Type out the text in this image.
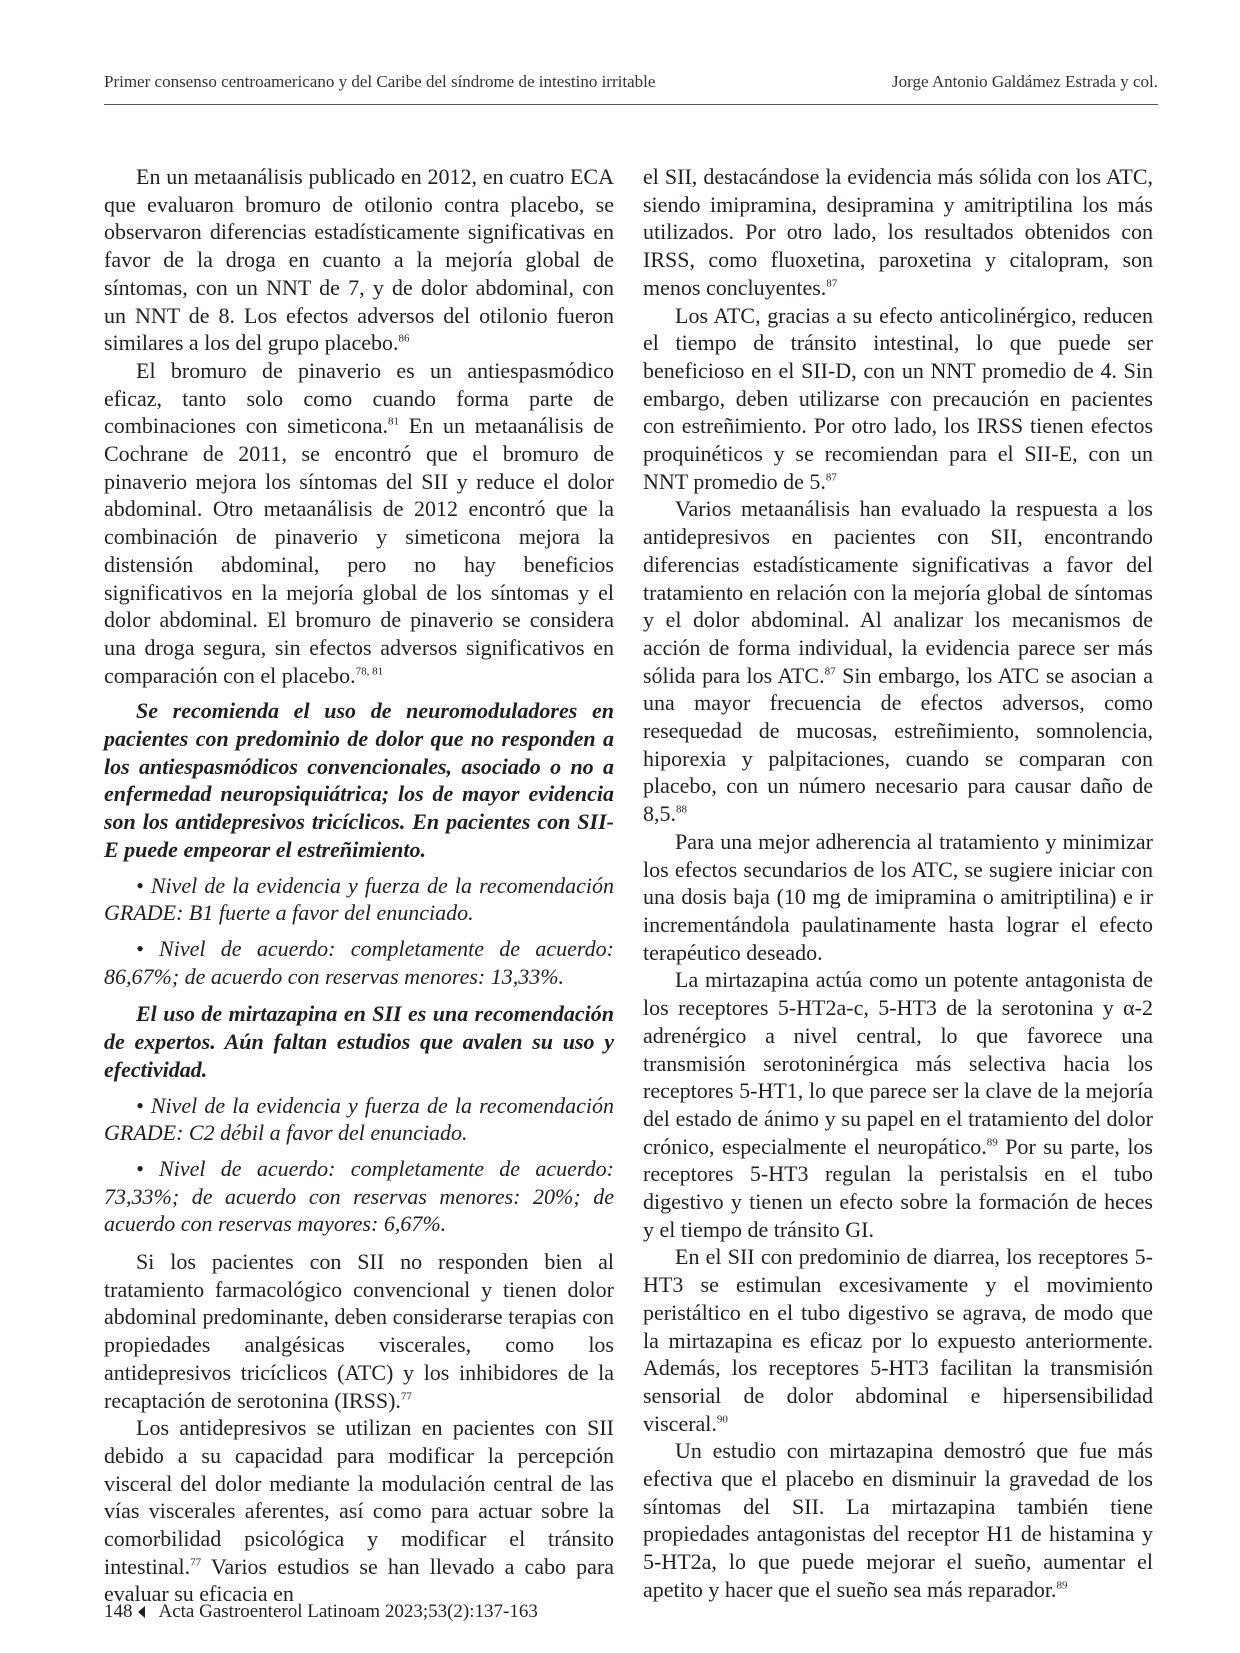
Primer consenso centroamericano y del Caribe del síndrome de intestino irritable	Jorge Antonio Galdámez Estrada y col.

En un metaanálisis publicado en 2012, en cuatro ECA que evaluaron bromuro de otilonio contra placebo, se observaron diferencias estadísticamente significativas en favor de la droga en cuanto a la mejoría global de síntomas, con un NNT de 7, y de dolor abdominal, con un NNT de 8. Los efectos adversos del otilonio fueron similares a los del grupo placebo.$^{86}$

El bromuro de pinaverio es un antiespasmódico eficaz, tanto solo como cuando forma parte de combinaciones con simeticona.$^{81}$ En un metaanálisis de Cochrane de 2011, se encontró que el bromuro de pinaverio mejora los síntomas del SII y reduce el dolor abdominal. Otro metaanálisis de 2012 encontró que la combinación de pinaverio y simeticona mejora la distensión abdominal, pero no hay beneficios significativos en la mejoría global de los síntomas y el dolor abdominal. El bromuro de pinaverio se considera una droga segura, sin efectos adversos significativos en comparación con el placebo.$^{78, 81}$

Se recomienda el uso de neuromoduladores en pacientes con predominio de dolor que no responden a los antiespasmódicos convencionales, asociado o no a enfermedad neuropsiquiátrica; los de mayor evidencia son los antidepresivos tricíclicos. En pacientes con SII-E puede empeorar el estreñimiento.

• Nivel de la evidencia y fuerza de la recomendación GRADE: B1 fuerte a favor del enunciado.

• Nivel de acuerdo: completamente de acuerdo: 86,67%; de acuerdo con reservas menores: 13,33%.

El uso de mirtazapina en SII es una recomendación de expertos. Aún faltan estudios que avalen su uso y efectividad.

• Nivel de la evidencia y fuerza de la recomendación GRADE: C2 débil a favor del enunciado.

• Nivel de acuerdo: completamente de acuerdo: 73,33%; de acuerdo con reservas menores: 20%; de acuerdo con reservas mayores: 6,67%.

Si los pacientes con SII no responden bien al tratamiento farmacológico convencional y tienen dolor abdominal predominante, deben considerarse terapias con propiedades analgésicas viscerales, como los antidepresivos tricíclicos (ATC) y los inhibidores de la recaptación de serotonina (IRSS).$^{77}$

Los antidepresivos se utilizan en pacientes con SII debido a su capacidad para modificar la percepción visceral del dolor mediante la modulación central de las vías viscerales aferentes, así como para actuar sobre la comorbilidad psicológica y modificar el tránsito intestinal.$^{77}$ Varios estudios se han llevado a cabo para evaluar su eficacia en

el SII, destacándose la evidencia más sólida con los ATC, siendo imipramina, desipramina y amitriptilina los más utilizados. Por otro lado, los resultados obtenidos con IRSS, como fluoxetina, paroxetina y citalopram, son menos concluyentes.$^{87}$

Los ATC, gracias a su efecto anticolinérgico, reducen el tiempo de tránsito intestinal, lo que puede ser beneficioso en el SII-D, con un NNT promedio de 4. Sin embargo, deben utilizarse con precaución en pacientes con estreñimiento. Por otro lado, los IRSS tienen efectos proquinéticos y se recomiendan para el SII-E, con un NNT promedio de 5.87

Varios metaanálisis han evaluado la respuesta a los antidepresivos en pacientes con SII, encontrando diferencias estadísticamente significativas a favor del tratamiento en relación con la mejoría global de síntomas y el dolor abdominal. Al analizar los mecanismos de acción de forma individual, la evidencia parece ser más sólida para los ATC.$^{87}$ Sin embargo, los ATC se asocian a una mayor frecuencia de efectos adversos, como resequedad de mucosas, estreñimiento, somnolencia, hiporexia y palpitaciones, cuando se comparan con placebo, con un número necesario para causar daño de 8,5.88

Para una mejor adherencia al tratamiento y minimizar los efectos secundarios de los ATC, se sugiere iniciar con una dosis baja (10 mg de imipramina o amitriptilina) e ir incrementándola paulatinamente hasta lograr el efecto terapéutico deseado.

La mirtazapina actúa como un potente antagonista de los receptores 5-HT2a-c, 5-HT3 de la serotonina y α-2 adrenérgico a nivel central, lo que favorece una transmisión serotoninérgica más selectiva hacia los receptores 5-HT1, lo que parece ser la clave de la mejoría del estado de ánimo y su papel en el tratamiento del dolor crónico, especialmente el neuropático.$^{89}$ Por su parte, los receptores 5-HT3 regulan la peristalsis en el tubo digestivo y tienen un efecto sobre la formación de heces y el tiempo de tránsito GI.

En el SII con predominio de diarrea, los receptores 5-HT3 se estimulan excesivamente y el movimiento peristáltico en el tubo digestivo se agrava, de modo que la mirtazapina es eficaz por lo expuesto anteriormente. Además, los receptores 5-HT3 facilitan la transmisión sensorial de dolor abdominal e hipersensibilidad visceral.$^{90}$

Un estudio con mirtazapina demostró que fue más efectiva que el placebo en disminuir la gravedad de los síntomas del SII. La mirtazapina también tiene propiedades antagonistas del receptor H1 de histamina y 5-HT2a, lo que puede mejorar el sueño, aumentar el apetito y hacer que el sueño sea más reparador.$^{89}$

148 Acta Gastroenterol Latinoam 2023;53(2):137-163
